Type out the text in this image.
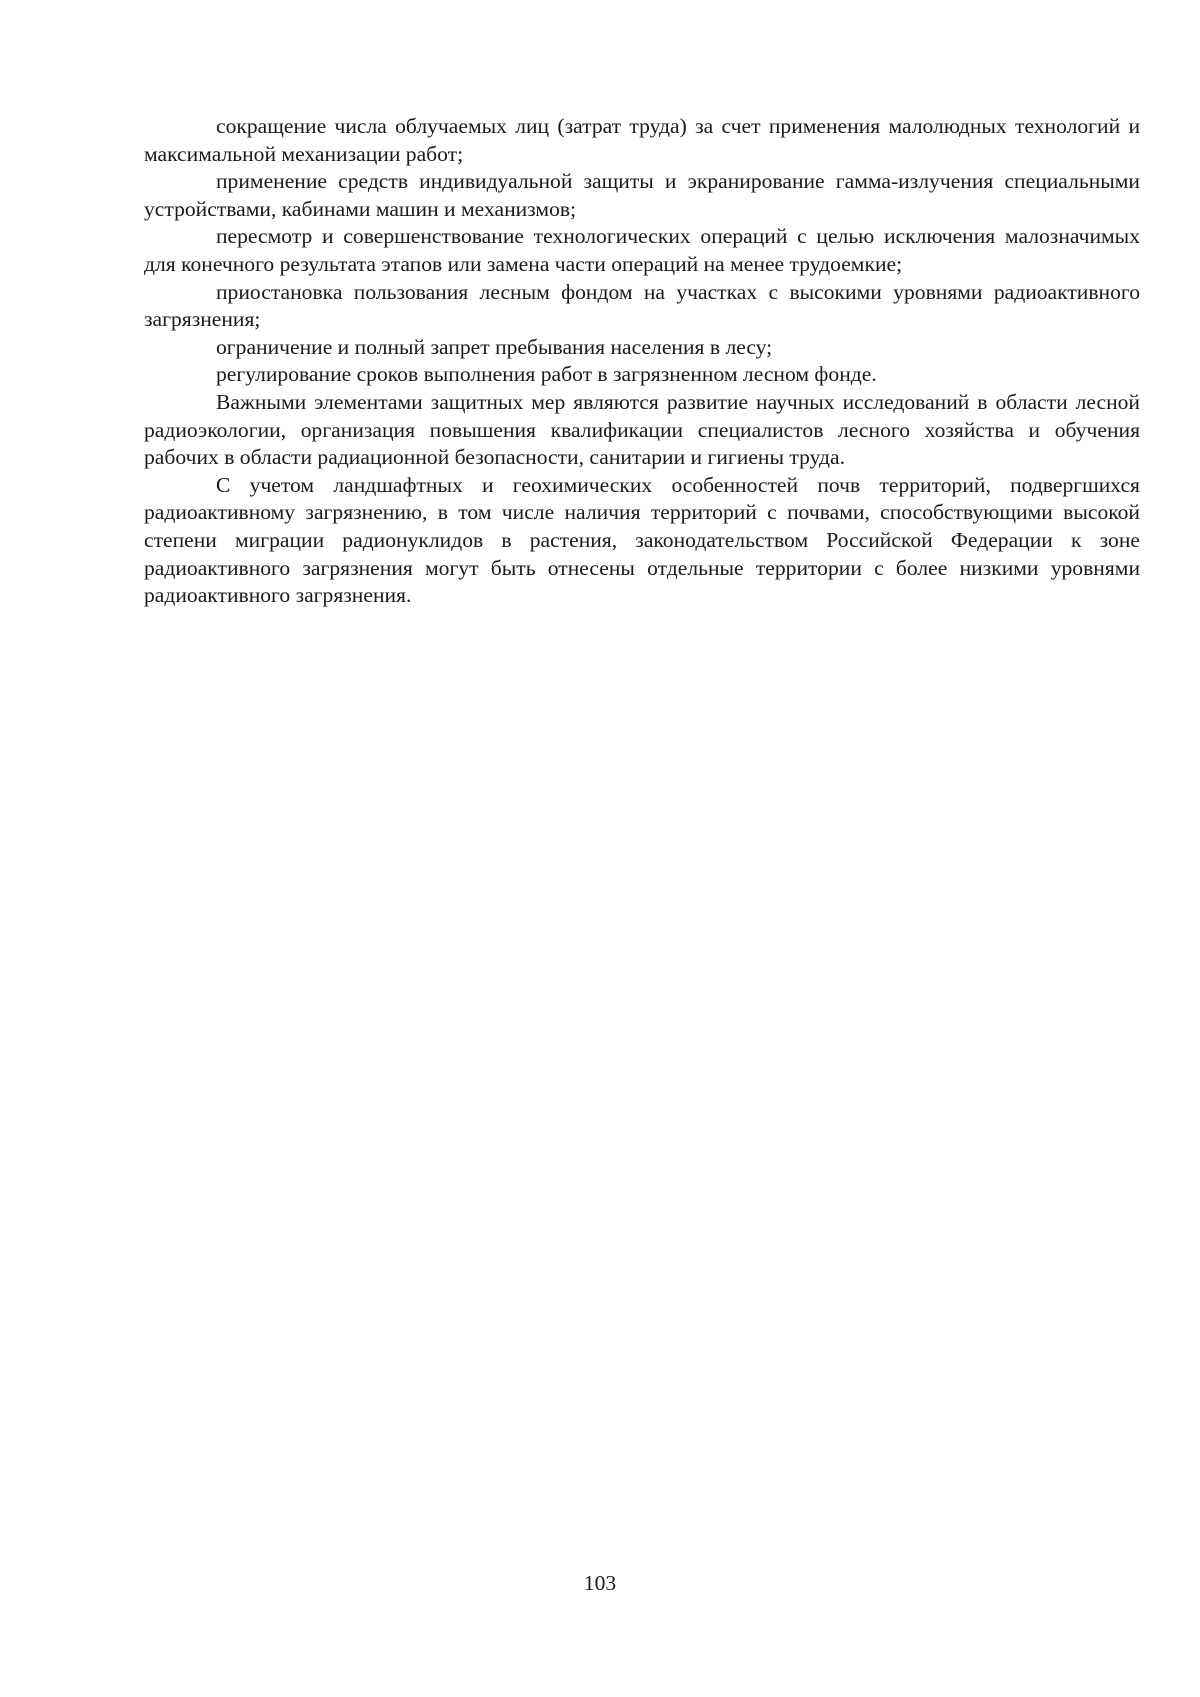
сокращение числа облучаемых лиц (затрат труда) за счет применения малолюдных технологий и максимальной механизации работ;

применение средств индивидуальной защиты и экранирование гамма-излучения специальными устройствами, кабинами машин и механизмов;

пересмотр и совершенствование технологических операций с целью исключения малозначимых для конечного результата этапов или замена части операций на менее трудоемкие;

приостановка пользования лесным фондом на участках с высокими уровнями радиоактивного загрязнения;

ограничение и полный запрет пребывания населения в лесу;

регулирование сроков выполнения работ в загрязненном лесном фонде.

Важными элементами защитных мер являются развитие научных исследований в области лесной радиоэкологии, организация повышения квалификации специалистов лесного хозяйства и обучения рабочих в области радиационной безопасности, санитарии и гигиены труда.

С учетом ландшафтных и геохимических особенностей почв территорий, подвергшихся радиоактивному загрязнению, в том числе наличия территорий с почвами, способствующими высокой степени миграции радионуклидов в растения, законодательством Российской Федерации к зоне радиоактивного загрязнения могут быть отнесены отдельные территории с более низкими уровнями радиоактивного загрязнения.

103
